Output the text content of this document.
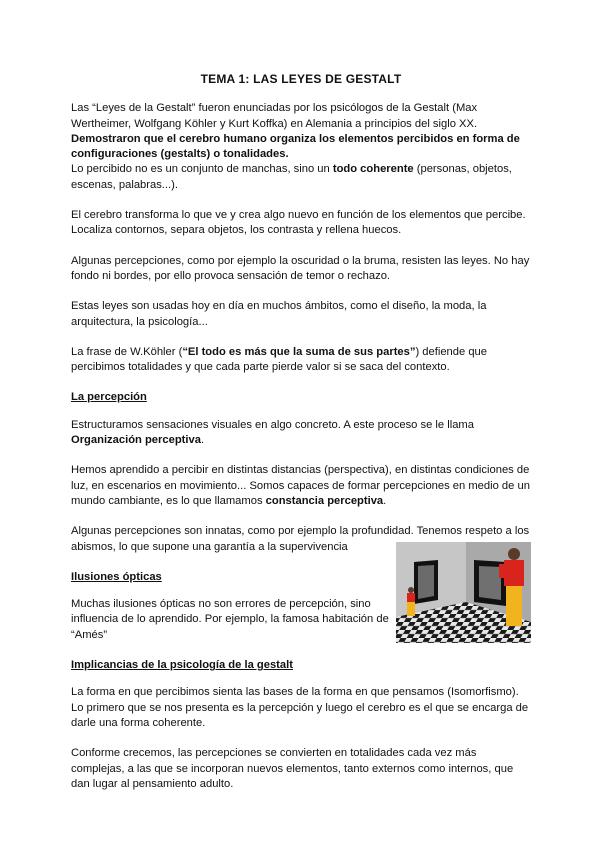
TEMA 1: LAS LEYES DE GESTALT

Las “Leyes de la Gestalt” fueron enunciadas por los psicólogos de la Gestalt (Max Wertheimer, Wolfgang Köhler y Kurt Koffka) en Alemania a principios del siglo XX.
Demostraron que el cerebro humano organiza los elementos percibidos en forma de configuraciones (gestalts) o tonalidades.
Lo percibido no es un conjunto de manchas, sino un todo coherente (personas, objetos, escenas, palabras...).

El cerebro transforma lo que ve y crea algo nuevo en función de los elementos que percibe. Localiza contornos, separa objetos, los contrasta y rellena huecos.

Algunas percepciones, como por ejemplo la oscuridad o la bruma, resisten las leyes. No hay fondo ni bordes, por ello provoca sensación de temor o rechazo.

Estas leyes son usadas hoy en día en muchos ámbitos, como el diseño, la moda, la arquitectura, la psicología...

La frase de W.Köhler (“El todo es más que la suma de sus partes”) defiende que percibimos totalidades y que cada parte pierde valor si se saca del contexto.

La percepción

Estructuramos sensaciones visuales en algo concreto. A este proceso se le llama Organización perceptiva.

Hemos aprendido a percibir en distintas distancias (perspectiva), en distintas condiciones de luz, en escenarios en movimiento... Somos capaces de formar percepciones en medio de un mundo cambiante, es lo que llamamos constancia perceptiva.

Algunas percepciones son innatas, como por ejemplo la profundidad. Tenemos respeto a los abismos, lo que supone una garantía a la supervivencia

Ilusiones ópticas

Muchas ilusiones ópticas no son errores de percepción, sino influencia de lo aprendido. Por ejemplo, la famosa habitación de “Amés”

Implicancias de la psicología de la gestalt

La forma en que percibimos sienta las bases de la forma en que pensamos (Isomorfismo). Lo primero que se nos presenta es la percepción y luego el cerebro es el que se encarga de darle una forma coherente.

Conforme crecemos, las percepciones se convierten en totalidades cada vez más complejas, a las que se incorporan nuevos elementos, tanto externos como internos, que dan lugar al pensamiento adulto.
